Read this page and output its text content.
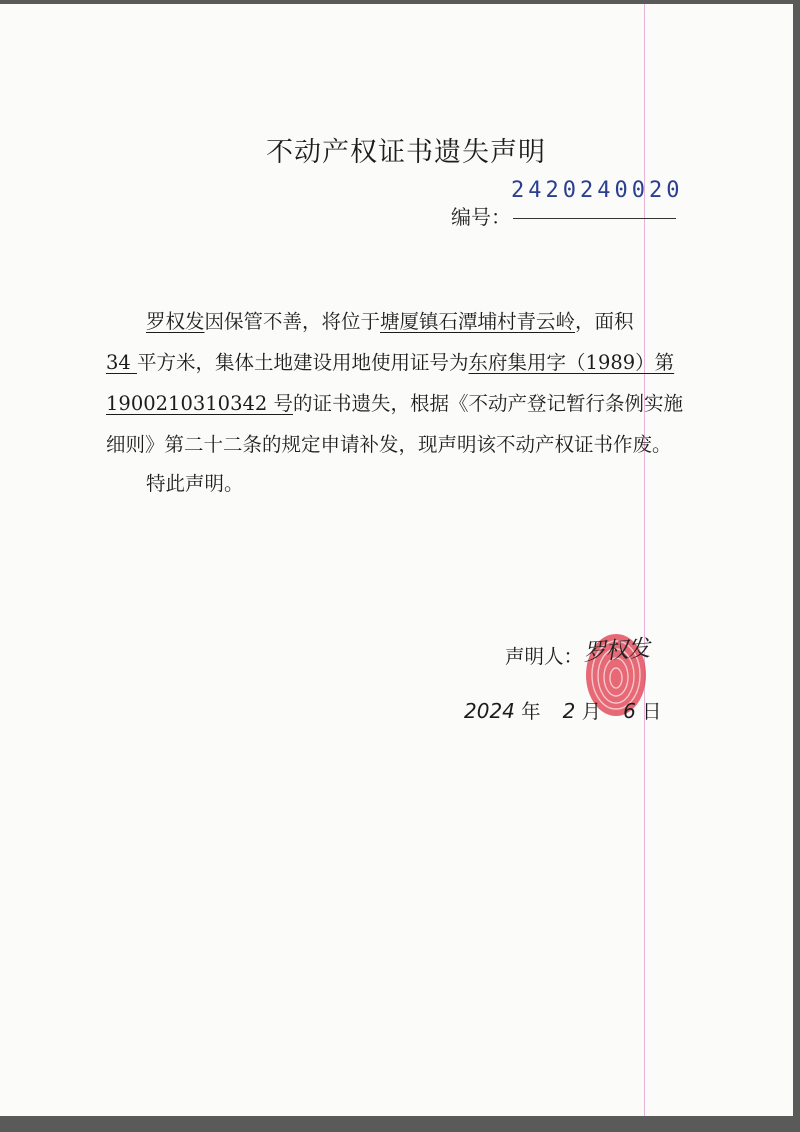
不动产权证书遗失声明
编号：
2420240020
罗权发因保管不善，将位于塘厦镇石潭埔村青云岭，面积
34 平方米，集体土地建设用地使用证号为东府集用字（1989）第
1900210310342 号的证书遗失，根据《不动产登记暂行条例实施
细则》第二十二条的规定申请补发，现声明该不动产权证书作废。
特此声明。
声明人： 罗权发
2024 年 2 月 6 日
